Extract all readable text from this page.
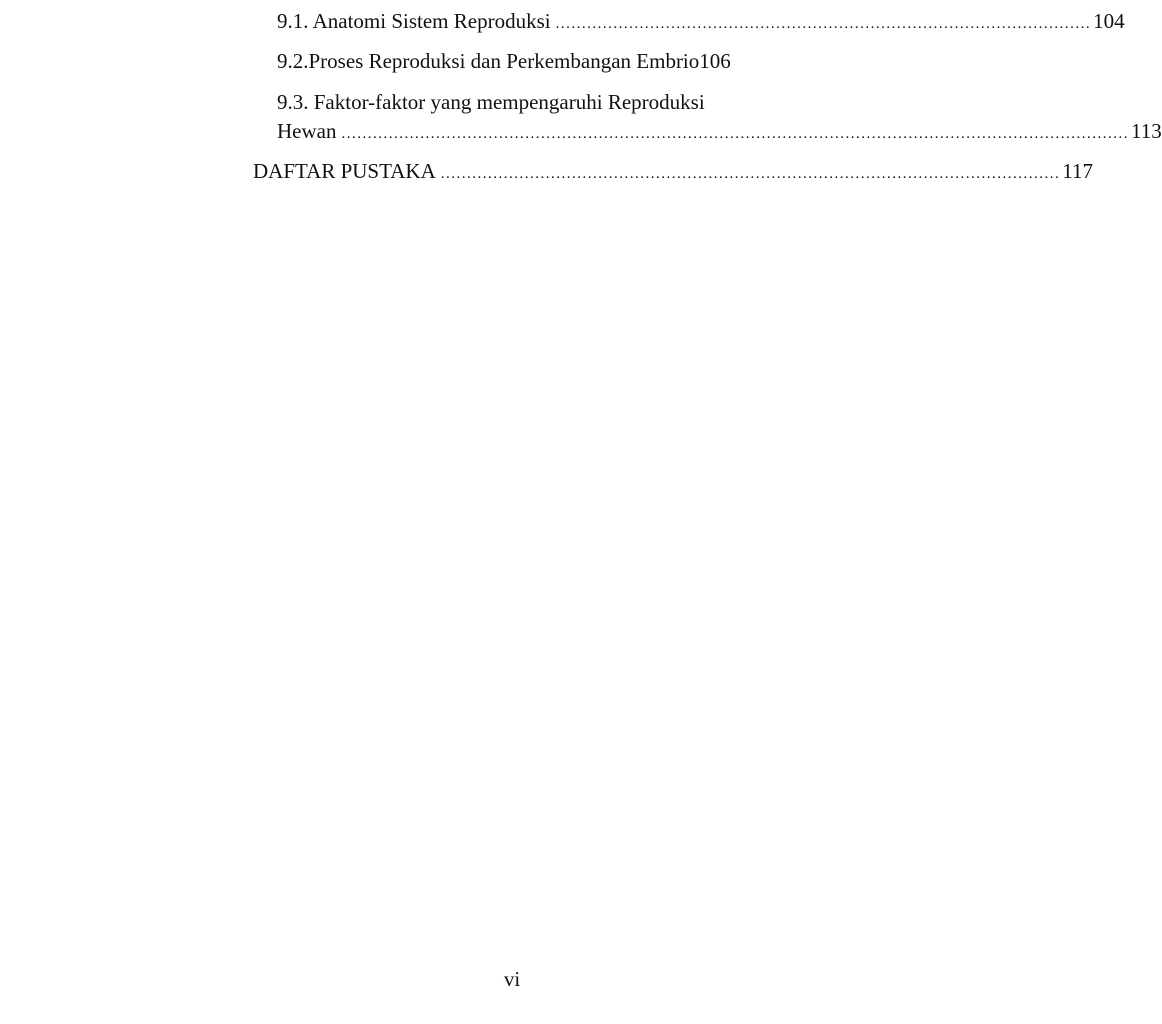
9.1. Anatomi Sistem Reproduksi ...................................................................................................... 104
9.2.Proses Reproduksi dan Perkembangan Embrio106
9.3. Faktor-faktor yang mempengaruhi Reproduksi
Hewan ...................................................................................................................................................... 113
DAFTAR PUSTAKA ...................................................................................................................... 117
vi
